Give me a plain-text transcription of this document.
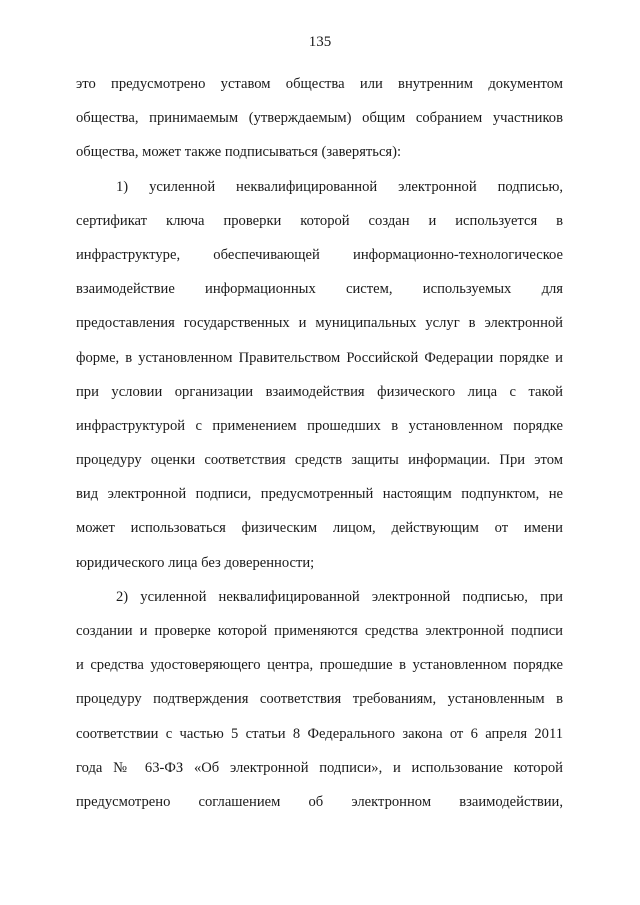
135
это предусмотрено уставом общества или внутренним документом
общества, принимаемым (утверждаемым) общим собранием участников
общества, может также подписываться (заверяться):
1) усиленной неквалифицированной электронной подписью,
сертификат ключа проверки которой создан и используется в
инфраструктуре, обеспечивающей информационно-технологическое
взаимодействие информационных систем, используемых для
предоставления государственных и муниципальных услуг в электронной
форме, в установленном Правительством Российской Федерации порядке и
при условии организации взаимодействия физического лица с такой
инфраструктурой с применением прошедших в установленном порядке
процедуру оценки соответствия средств защиты информации. При этом
вид электронной подписи, предусмотренный настоящим подпунктом, не
может использоваться физическим лицом, действующим от имени
юридического лица без доверенности;
2) усиленной неквалифицированной электронной подписью, при
создании и проверке которой применяются средства электронной подписи
и средства удостоверяющего центра, прошедшие в установленном порядке
процедуру подтверждения соответствия требованиям, установленным в
соответствии с частью 5 статьи 8 Федерального закона от 6 апреля 2011
года № 63-ФЗ «Об электронной подписи», и использование которой
предусмотрено соглашением об электронном взаимодействии,
